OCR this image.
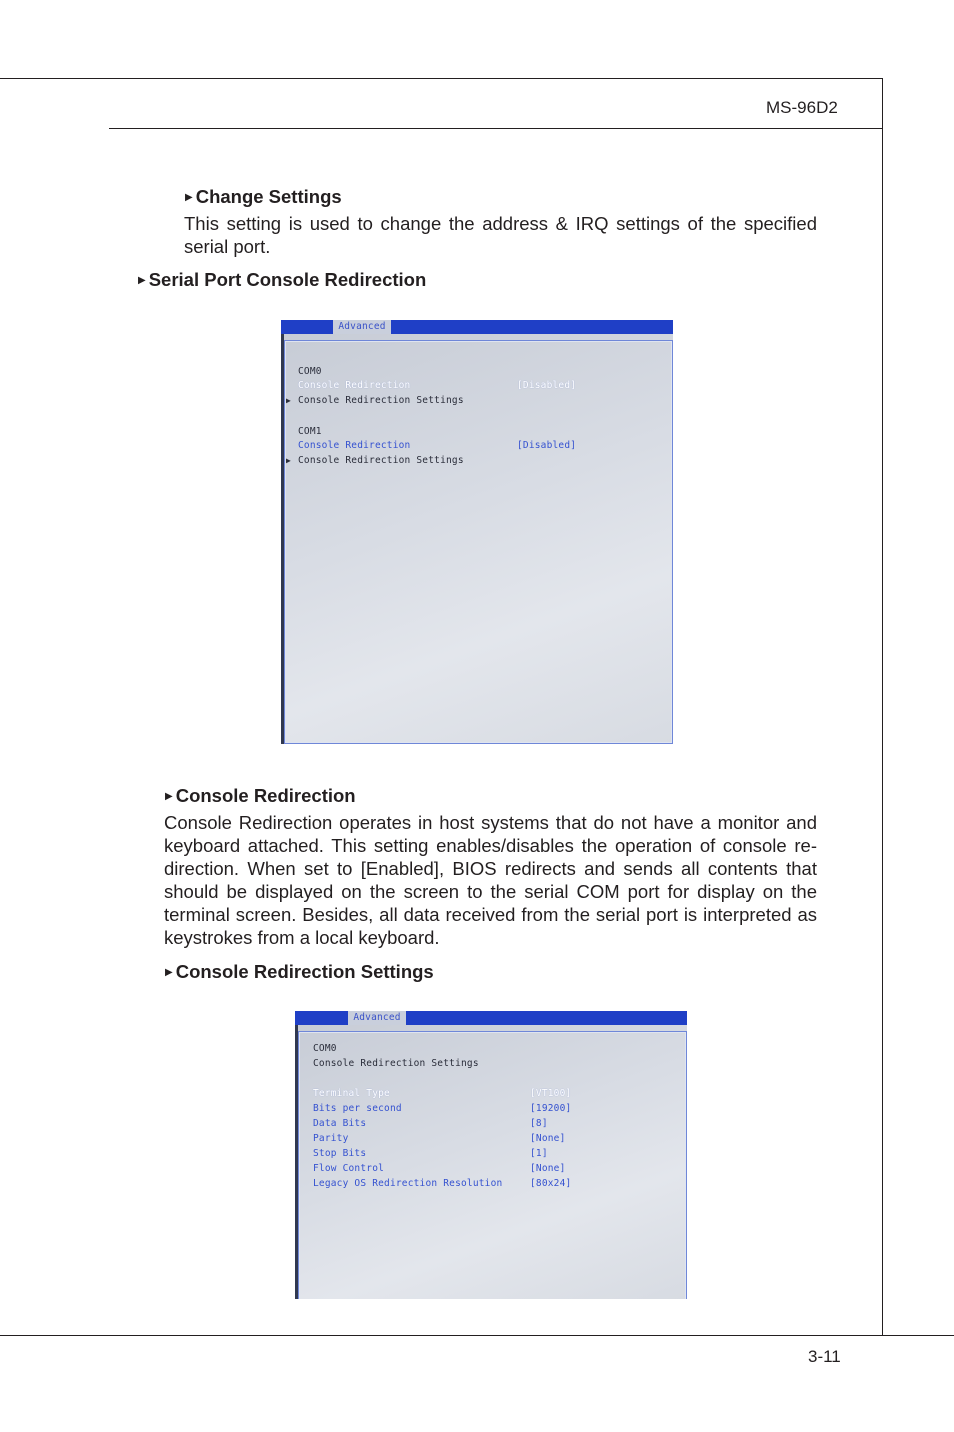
MS-96D2
▶ Change Settings
This setting is used to change the address & IRQ settings of the specified serial port.
▶ Serial Port Console Redirection
Advanced
COM0
Console Redirection	[Disabled]
▶ Console Redirection Settings
COM1
Console Redirection	[Disabled]
▶ Console Redirection Settings
▶ Console Redirection
Console Redirection operates in host systems that do not have a monitor and keyboard attached. This setting enables/disables the operation of console re-direction. When set to [Enabled], BIOS redirects and sends all contents that should be displayed on the screen to the serial COM port for display on the terminal screen. Besides, all data received from the serial port is interpreted as keystrokes from a local keyboard.
▶ Console Redirection Settings
Advanced
COM0
Console Redirection Settings
Terminal Type	[VT100]
Bits per second	[19200]
Data Bits	[8]
Parity	[None]
Stop Bits	[1]
Flow Control	[None]
Legacy OS Redirection Resolution	[80x24]
3-11
